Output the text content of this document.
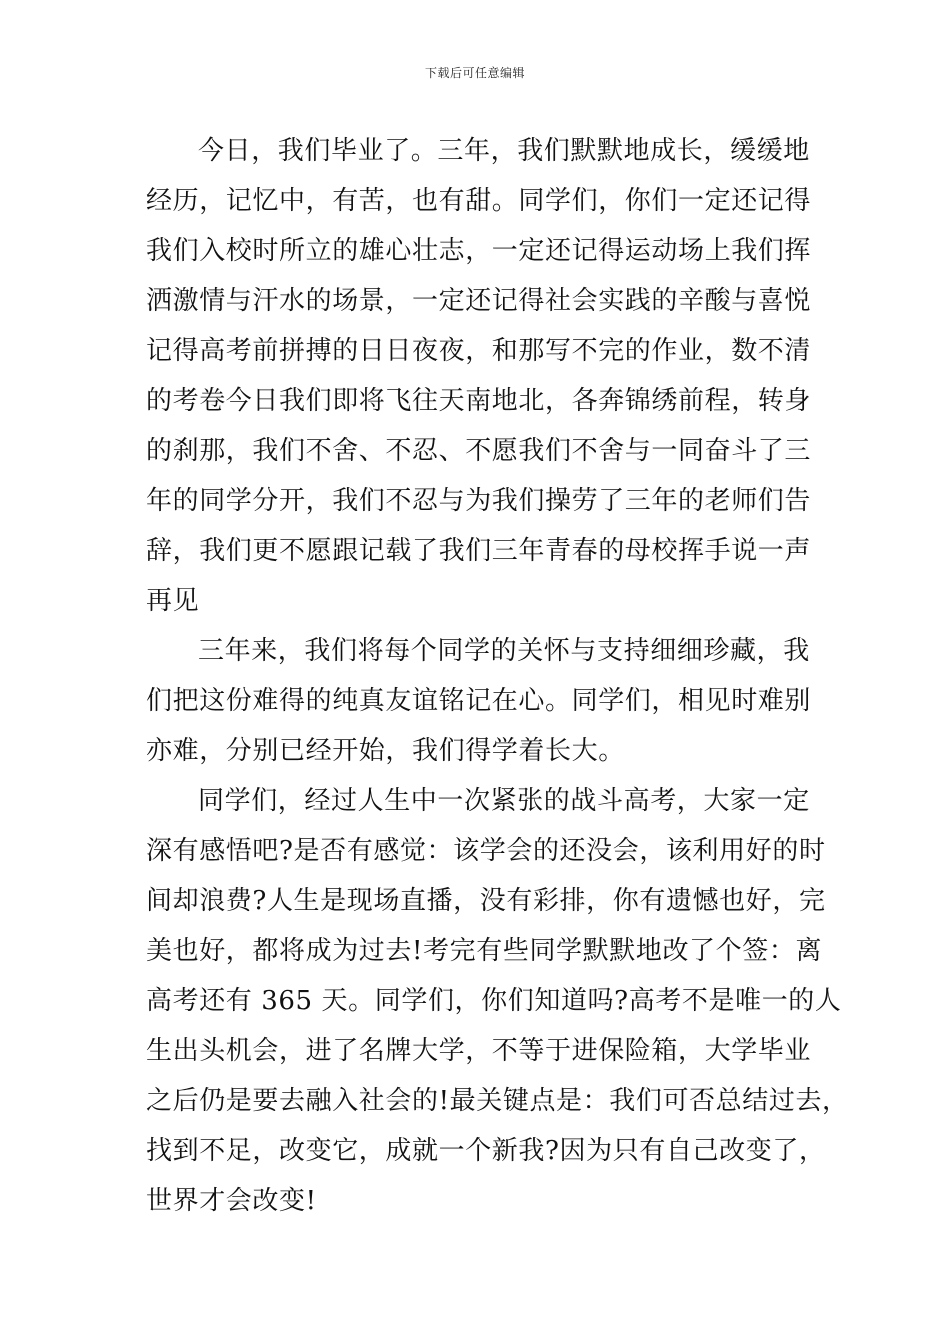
下载后可任意编辑
今日，我们毕业了。三年，我们默默地成长，缓缓地
经历，记忆中，有苦，也有甜。同学们，你们一定还记得
我们入校时所立的雄心壮志，一定还记得运动场上我们挥
洒激情与汗水的场景，一定还记得社会实践的辛酸与喜悦
记得高考前拼搏的日日夜夜，和那写不完的作业，数不清
的考卷今日我们即将飞往天南地北，各奔锦绣前程，转身
的刹那，我们不舍、不忍、不愿我们不舍与一同奋斗了三
年的同学分开，我们不忍与为我们操劳了三年的老师们告
辞，我们更不愿跟记载了我们三年青春的母校挥手说一声
再见
三年来，我们将每个同学的关怀与支持细细珍藏，我
们把这份难得的纯真友谊铭记在心。同学们，相见时难别
亦难，分别已经开始，我们得学着长大。
同学们，经过人生中一次紧张的战斗高考，大家一定
深有感悟吧?是否有感觉：该学会的还没会，该利用好的时
间却浪费?人生是现场直播，没有彩排，你有遗憾也好，完
美也好，都将成为过去!考完有些同学默默地改了个签：离
高考还有 365 天。同学们，你们知道吗?高考不是唯一的人
生出头机会，进了名牌大学，不等于进保险箱，大学毕业
之后仍是要去融入社会的!最关键点是：我们可否总结过去，
找到不足，改变它，成就一个新我?因为只有自己改变了，
世界才会改变!
